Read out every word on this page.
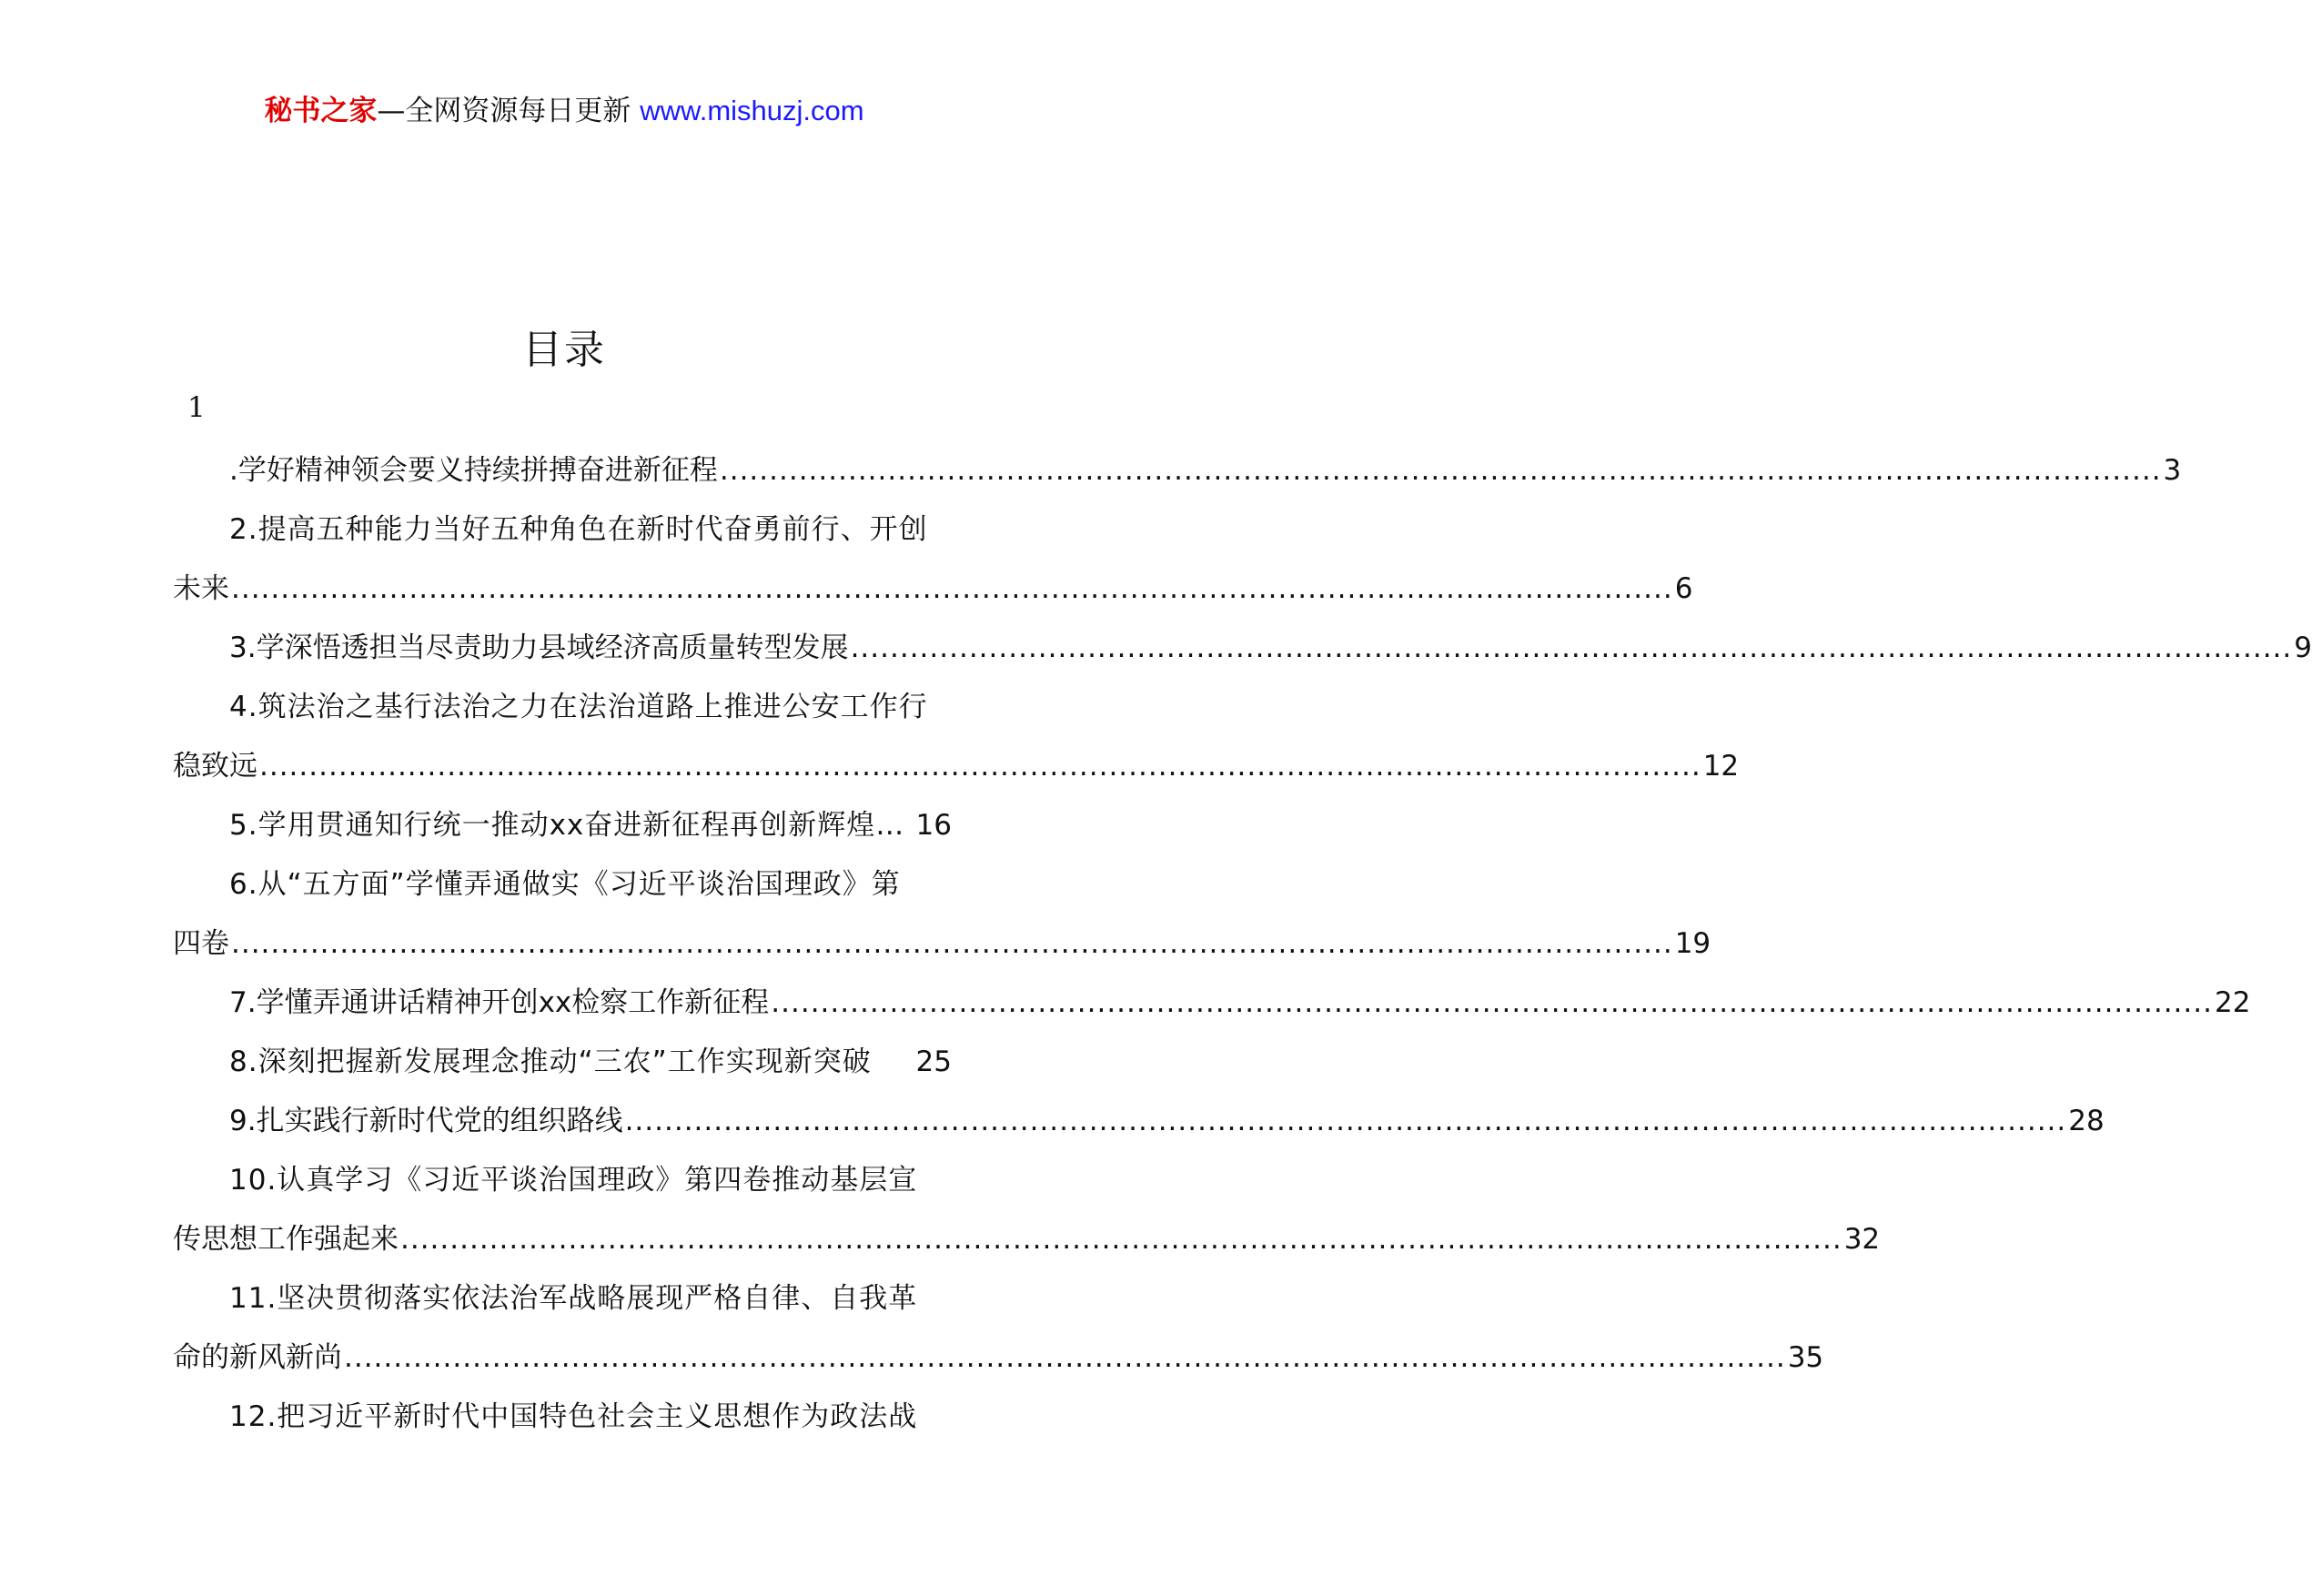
秘书之家—全网资源每日更新 www.mishuzj.com
目录
1
.学好精神领会要义持续拼搏奋进新征程 .................................................................................................................................................. 3
2.提高五种能力当好五种角色在新时代奋勇前行、开创
未来 .................................................................................................................................................. 6
3.学深悟透担当尽责助力县域经济高质量转型发展 .................................................................................................................................................. 9
4.筑法治之基行法治之力在法治道路上推进公安工作行
稳致远 .................................................................................................................................................. 12
5.学用贯通知行统一推动xx奋进新征程再创新辉煌… 16
6.从“五方面”学懂弄通做实《习近平谈治国理政》第
四卷 .................................................................................................................................................. 19
7.学懂弄通讲话精神开创xx检察工作新征程 .................................................................................................................................................. 22
8.深刻把握新发展理念推动“三农”工作实现新突破	25
9.扎实践行新时代党的组织路线 .................................................................................................................................................. 28
10.认真学习《习近平谈治国理政》第四卷推动基层宣
传思想工作强起来 .................................................................................................................................................. 32
11.坚决贯彻落实依法治军战略展现严格自律、自我革
命的新风新尚 .................................................................................................................................................. 35
12.把习近平新时代中国特色社会主义思想作为政法战
